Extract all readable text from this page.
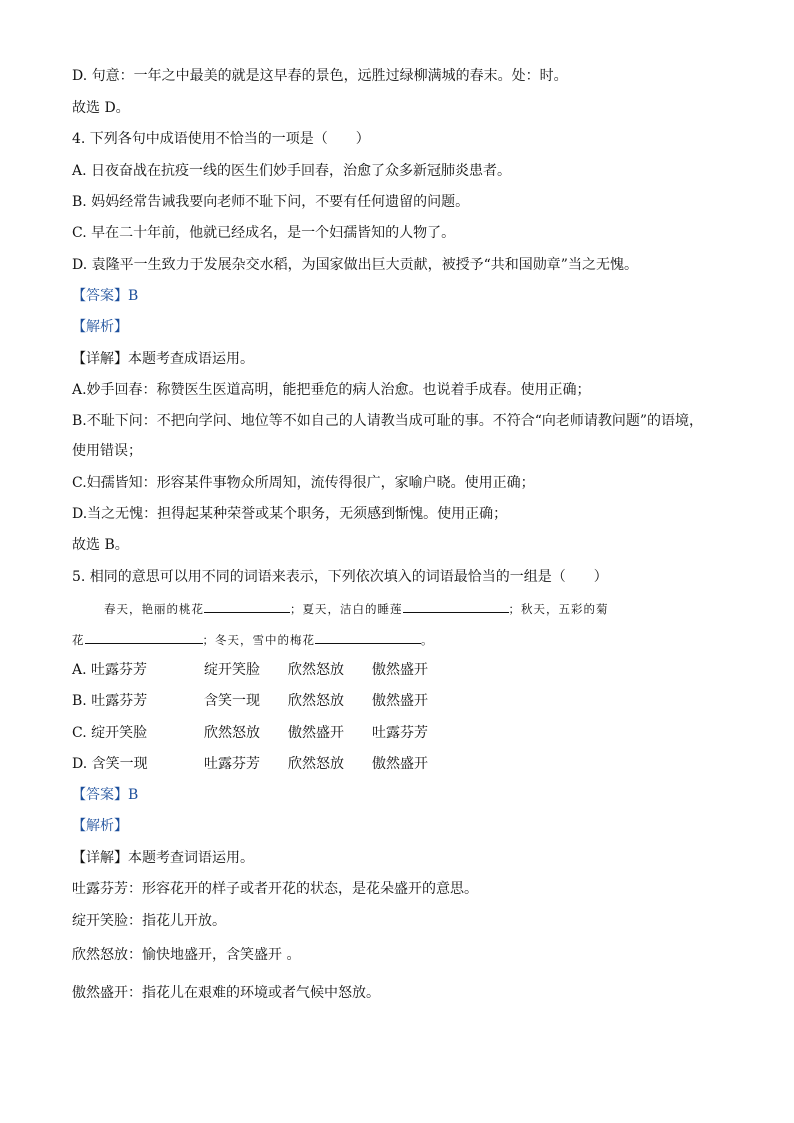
D. 句意：一年之中最美的就是这早春的景色，远胜过绿柳满城的春末。处：时。
故选 D。
4. 下列各句中成语使用不恰当的一项是（　　）
A. 日夜奋战在抗疫一线的医生们妙手回春，治愈了众多新冠肺炎患者。
B. 妈妈经常告诫我要向老师不耻下问，不要有任何遗留的问题。
C. 早在二十年前，他就已经成名，是一个妇孺皆知的人物了。
D. 袁隆平一生致力于发展杂交水稻，为国家做出巨大贡献，被授予“共和国勋章”当之无愧。
【答案】B
【解析】
【详解】本题考查成语运用。
A.妙手回春：称赞医生医道高明，能把垂危的病人治愈。也说着手成春。使用正确；
B.不耻下问：不把向学问、地位等不如自己的人请教当成可耻的事。不符合“向老师请教问题”的语境，
使用错误；
C.妇孺皆知：形容某件事物众所周知，流传得很广，家喻户晓。使用正确；
D.当之无愧：担得起某种荣誉或某个职务，无须感到惭愧。使用正确；
故选 B。
5. 相同的意思可以用不同的词语来表示，下列依次填入的词语最恰当的一组是（　　）
春天，艳丽的桃花	；夏天，洁白的睡莲	；秋天，五彩的菊
花	；冬天，雪中的梅花	。
A. 吐露芬芳	绽开笑脸 欣然怒放 傲然盛开
B. 吐露芬芳	含笑一现 欣然怒放 傲然盛开
C. 绽开笑脸	欣然怒放 傲然盛开 吐露芬芳
D. 含笑一现	吐露芬芳 欣然怒放 傲然盛开
【答案】B
【解析】
【详解】本题考查词语运用。
吐露芬芳：形容花开的样子或者开花的状态，是花朵盛开的意思。
绽开笑脸：指花儿开放。
欣然怒放：愉快地盛开，含笑盛开 。
傲然盛开：指花儿在艰难的环境或者气候中怒放。
